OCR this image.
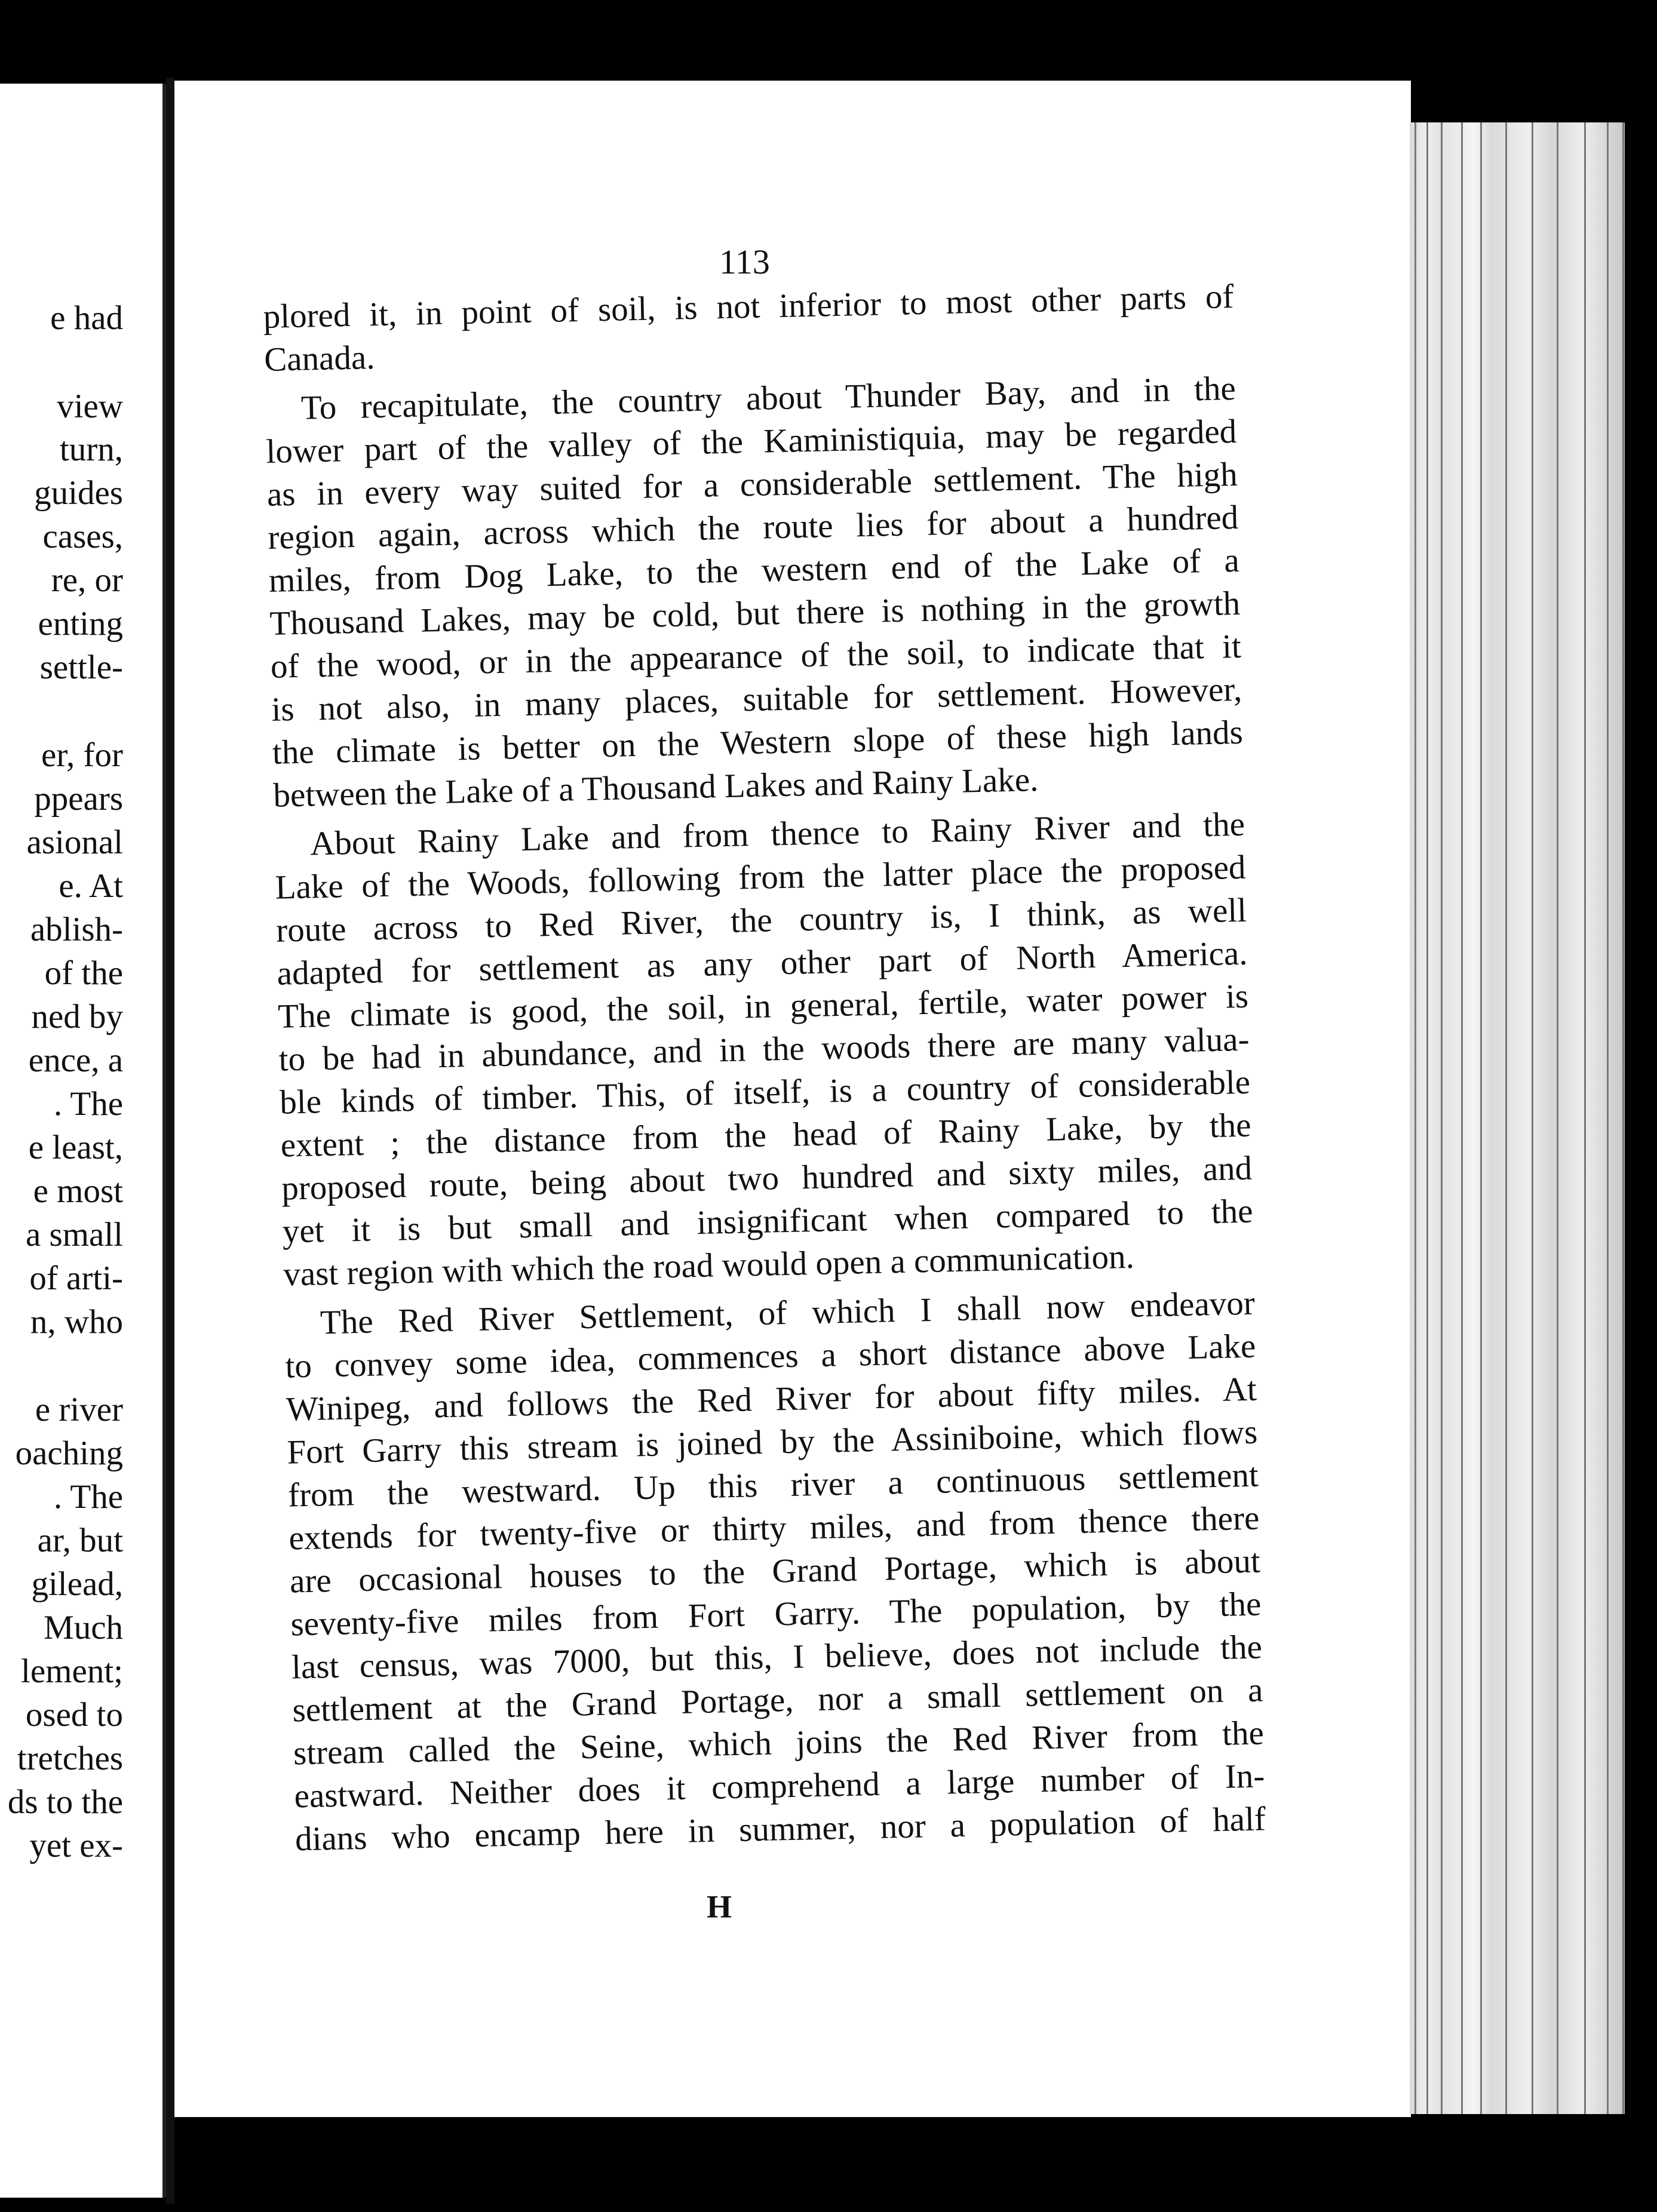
e had
view
turn,
guides
cases,
re, or
enting
settle-
er, for
ppears
asional
e. At
ablish-
of the
ned by
ence, a
. The
e least,
e most
a small
of arti-
n, who
e river
oaching
. The
ar, but
gilead,
Much
lement;
osed to
tretches
ds to the
yet ex-
113
plored it, in point of soil, is not inferior to most other parts of
Canada.
To recapitulate, the country about Thunder Bay, and in the
lower part of the valley of the Kaministiquia, may be regarded
as in every way suited for a considerable settlement. The high
region again, across which the route lies for about a hundred
miles, from Dog Lake, to the western end of the Lake of a
Thousand Lakes, may be cold, but there is nothing in the growth
of the wood, or in the appearance of the soil, to indicate that it
is not also, in many places, suitable for settlement. However,
the climate is better on the Western slope of these high lands
between the Lake of a Thousand Lakes and Rainy Lake.
About Rainy Lake and from thence to Rainy River and the
Lake of the Woods, following from the latter place the proposed
route across to Red River, the country is, I think, as well
adapted for settlement as any other part of North America.
The climate is good, the soil, in general, fertile, water power is
to be had in abundance, and in the woods there are many valua-
ble kinds of timber. This, of itself, is a country of considerable
extent ; the distance from the head of Rainy Lake, by the
proposed route, being about two hundred and sixty miles, and
yet it is but small and insignificant when compared to the
vast region with which the road would open a communication.
The Red River Settlement, of which I shall now endeavor
to convey some idea, commences a short distance above Lake
Winipeg, and follows the Red River for about fifty miles. At
Fort Garry this stream is joined by the Assiniboine, which flows
from the westward. Up this river a continuous settlement
extends for twenty-five or thirty miles, and from thence there
are occasional houses to the Grand Portage, which is about
seventy-five miles from Fort Garry. The population, by the
last census, was 7000, but this, I believe, does not include the
settlement at the Grand Portage, nor a small settlement on a
stream called the Seine, which joins the Red River from the
eastward. Neither does it comprehend a large number of In-
dians who encamp here in summer, nor a population of half
H
